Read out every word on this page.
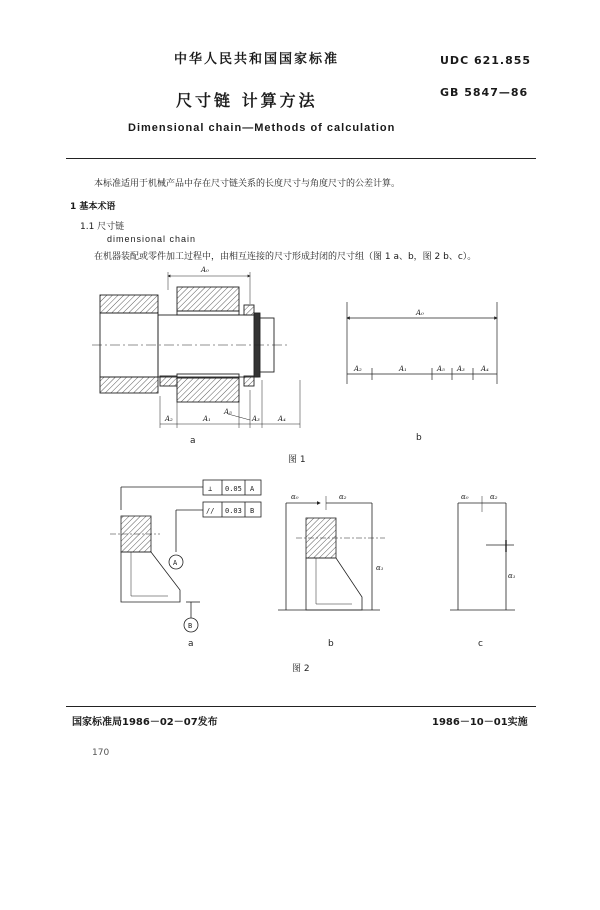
中华人民共和国国家标准	UDC 621.855
GB 5847—86
尺寸链 计算方法
Dimensional chain—Methods of calculation
本标准适用于机械产品中存在尺寸链关系的长度尺寸与角度尺寸的公差计算。
1 基本术语
1.1 尺寸链
dimensional chain
在机器装配或零件加工过程中，由相互连接的尺寸形成封闭的尺寸组（图 1 a、b，图 2 b、c）。
A₀
A₂	A₁
A₅
A₃	A₄
a
A₀
A₂	A₁	A₅ A₃ A₄
b
图 1
⊥ 0.05 A
// 0.03 B
A
B
a
α₀	α₂
α₁
b
α₀	α₂
α₁
c
图 2
国家标准局1986－02－07发布	1986－10－01实施
170
